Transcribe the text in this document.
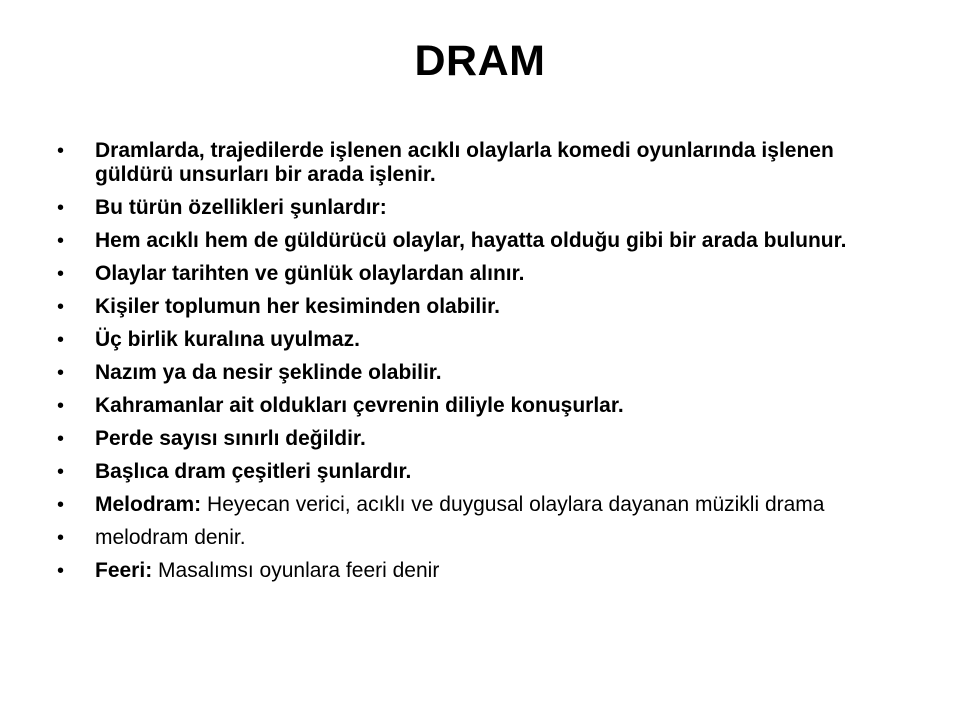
DRAM
• Dramlarda, trajedilerde işlenen acıklı olaylarla komedi oyunlarında işlenen güldürü unsurları bir arada işlenir.
• Bu türün özellikleri şunlardır:
• Hem acıklı hem de güldürücü olaylar, hayatta olduğu gibi bir arada bulunur.
• Olaylar tarihten ve günlük olaylardan alınır.
• Kişiler toplumun her kesiminden olabilir.
• Üç birlik kuralına uyulmaz.
• Nazım ya da nesir şeklinde olabilir.
• Kahramanlar ait oldukları çevrenin diliyle konuşurlar.
• Perde sayısı sınırlı değildir.
• Başlıca dram çeşitleri şunlardır.
• Melodram: Heyecan verici, acıklı ve duygusal olaylara dayanan müzikli drama
• melodram denir.
• Feeri: Masalımsı oyunlara feeri denir
